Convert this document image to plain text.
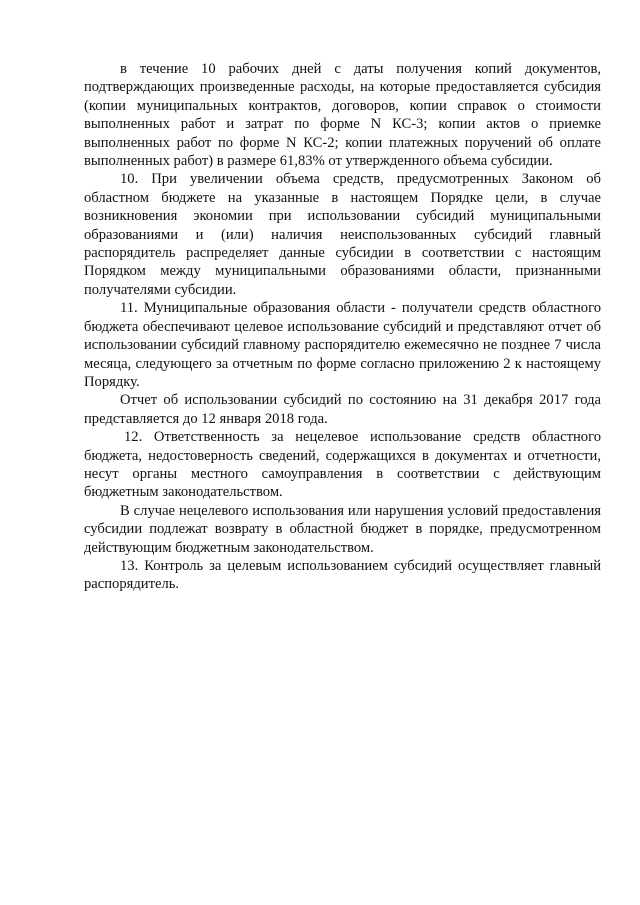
в течение 10 рабочих дней с даты получения копий документов, подтверждающих произведенные расходы, на которые предоставляется субсидия (копии муниципальных контрактов, договоров, копии справок о стоимости выполненных работ и затрат по форме N КС-3; копии актов о приемке выполненных работ по форме N КС-2; копии платежных поручений об оплате выполненных работ) в размере 61,83% от утвержденного объема субсидии.

10. При увеличении объема средств, предусмотренных Законом об областном бюджете на указанные в настоящем Порядке цели, в случае возникновения экономии при использовании субсидий муниципальными образованиями и (или) наличия неиспользованных субсидий главный распорядитель распределяет данные субсидии в соответствии с настоящим Порядком между муниципальными образованиями области, признанными получателями субсидии.

11. Муниципальные образования области - получатели средств областного бюджета обеспечивают целевое использование субсидий и представляют отчет об использовании субсидий главному распорядителю ежемесячно не позднее 7 числа месяца, следующего за отчетным по форме согласно приложению 2 к настоящему Порядку.

Отчет об использовании субсидий по состоянию на 31 декабря 2017 года представляется до 12 января 2018 года.

12. Ответственность за нецелевое использование средств областного бюджета, недостоверность сведений, содержащихся в документах и отчетности, несут органы местного самоуправления в соответствии с действующим бюджетным законодательством.

В случае нецелевого использования или нарушения условий предоставления субсидии подлежат возврату в областной бюджет в порядке, предусмотренном действующим бюджетным законодательством.

13. Контроль за целевым использованием субсидий осуществляет главный распорядитель.
